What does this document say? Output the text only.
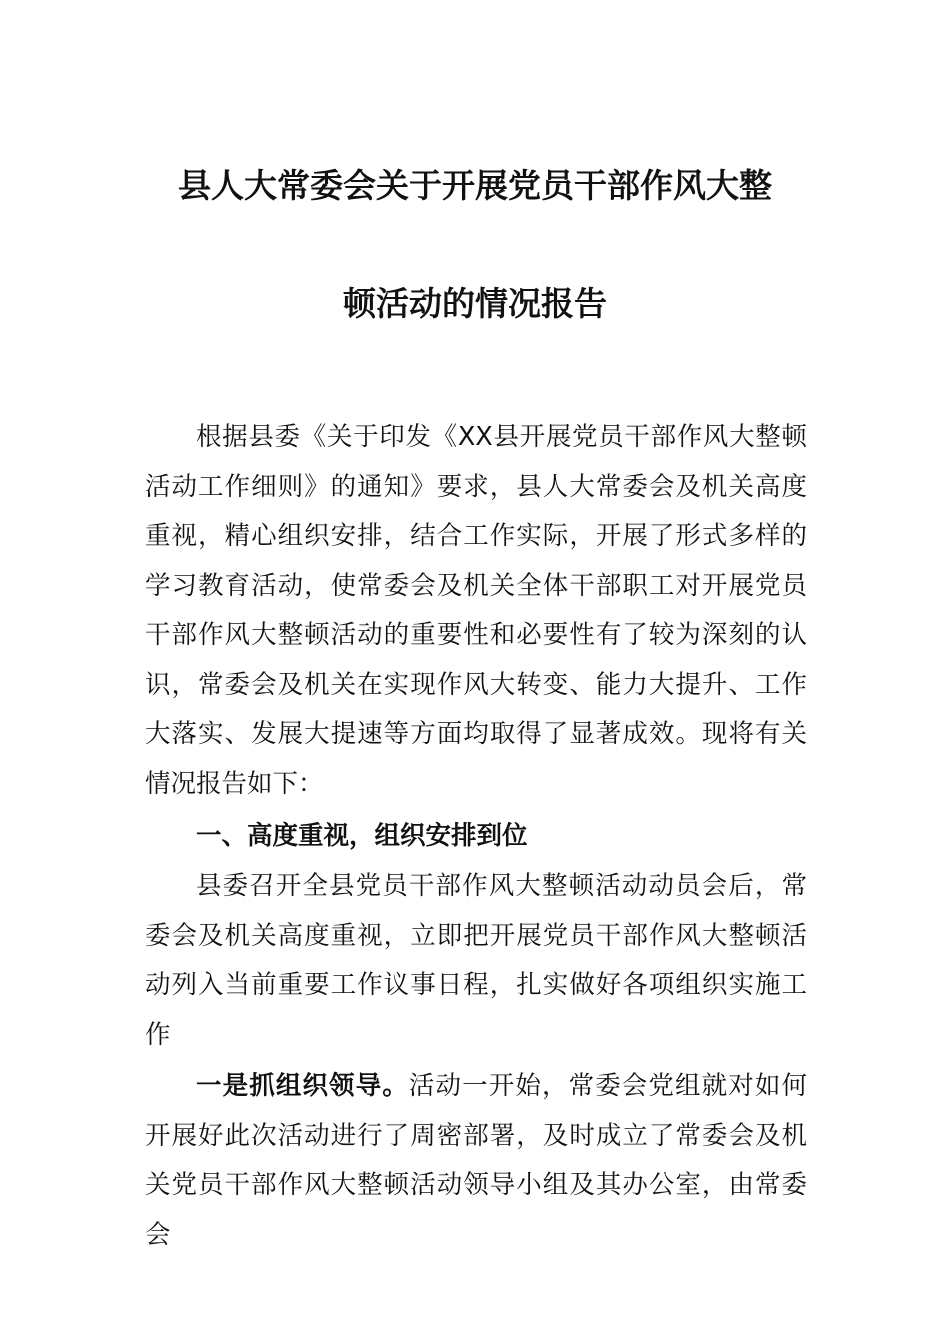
县人大常委会关于开展党员干部作风大整
顿活动的情况报告

根据县委《关于印发《XX县开展党员干部作风大整顿活动工作细则》的通知》要求，县人大常委会及机关高度重视，精心组织安排，结合工作实际，开展了形式多样的学习教育活动，使常委会及机关全体干部职工对开展党员干部作风大整顿活动的重要性和必要性有了较为深刻的认识，常委会及机关在实现作风大转变、能力大提升、工作大落实、发展大提速等方面均取得了显著成效。现将有关情况报告如下：

一、高度重视，组织安排到位

县委召开全县党员干部作风大整顿活动动员会后，常委会及机关高度重视，立即把开展党员干部作风大整顿活动列入当前重要工作议事日程，扎实做好各项组织实施工作

一是抓组织领导。活动一开始，常委会党组就对如何开展好此次活动进行了周密部署，及时成立了常委会及机关党员干部作风大整顿活动领导小组及其办公室，由常委会
